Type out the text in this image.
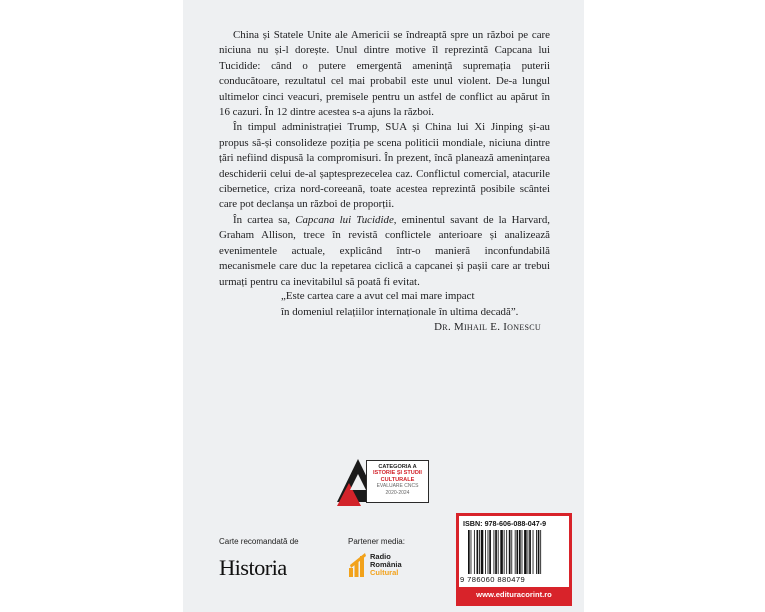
China și Statele Unite ale Americii se îndreaptă spre un război pe care niciuna nu și-l dorește. Unul dintre motive îl reprezintă Capcana lui Tucidide: când o putere emergentă amenință supremația puterii conducătoare, rezultatul cel mai probabil este unul violent. De-a lungul ultimelor cinci veacuri, premisele pentru un astfel de conflict au apărut în 16 cazuri. În 12 dintre acestea s-a ajuns la război.

În timpul administrației Trump, SUA și China lui Xi Jinping și-au propus să-și consolideze poziția pe scena politicii mondiale, niciuna dintre țări nefiind dispusă la compromisuri. În prezent, încă planează amenințarea deschiderii celui de-al șaptesprezecelea caz. Conflictul comercial, atacurile cibernetice, criza nord-coreeană, toate acestea reprezintă posibile scântei care pot declanșa un război de proporții.

În cartea sa, Capcana lui Tucidide, eminentul savant de la Harvard, Graham Allison, trece în revistă conflictele anterioare și analizează evenimentele actuale, explicând într-o manieră inconfundabilă mecanismele care duc la repetarea ciclică a capcanei și pașii care ar trebui urmați pentru ca inevitabilul să poată fi evitat.

„Este cartea care a avut cel mai mare impact
în domeniul relațiilor internaționale în ultima decadă”.
Dr. Mihail E. Ionescu
CATEGORIA A
ISTORIE ȘI STUDII
CULTURALE
EVALUARE CNCS
2020-2024
Carte recomandată de
Historia
Partener media:
Radio
România
Cultural
ISBN: 978-606-088-047-9
9 786060 880479
www.edituracorint.ro
